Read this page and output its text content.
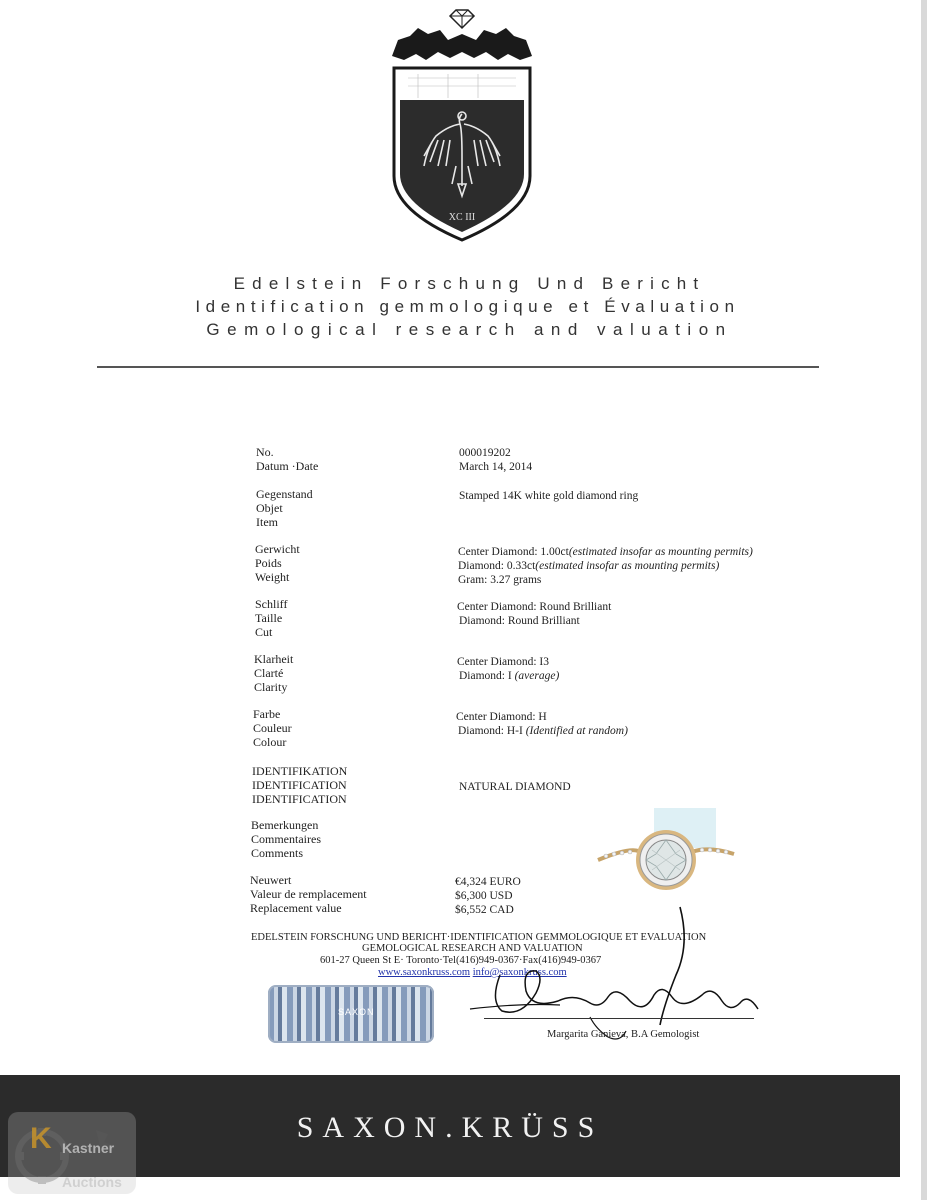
XC III
Edelstein Forschung Und Bericht
Identification gemmologique et Évaluation
Gemological research and valuation
No.
Datum ·Date
Gegenstand
Objet
Item
Gerwicht
Poids
Weight
Schliff
Taille
Cut
Klarheit
Clarté
Clarity
Farbe
Couleur
Colour
IDENTIFIKATION
IDENTIFICATION
IDENTIFICATION
Bemerkungen
Commentaires
Comments
Neuwert
Valeur de remplacement
Replacement value
000019202
March 14, 2014
Stamped 14K white gold diamond ring
Center Diamond: 1.00ct(estimated insofar as mounting permits)
Diamond: 0.33ct(estimated insofar as mounting permits)
Gram: 3.27 grams
Center Diamond: Round Brilliant
Diamond: Round Brilliant
Center Diamond: I3
Diamond: I (average)
Center Diamond: H
Diamond: H-I (Identified at random)
NATURAL DIAMOND
€4,324 EURO
$6,300 USD
$6,552 CAD
EDELSTEIN FORSCHUNG UND BERICHT·IDENTIFICATION GEMMOLOGIQUE ET EVALUATION
GEMOLOGICAL RESEARCH AND VALUATION
601-27 Queen St E· Toronto·Tel(416)949-0367·Fax(416)949-0367
www.saxonkruss.com info@saxonkruss.com
SAXON
Margarita Ganieva, B.A Gemologist
SAXON.KRÜSS
K Kastner
Auctions
